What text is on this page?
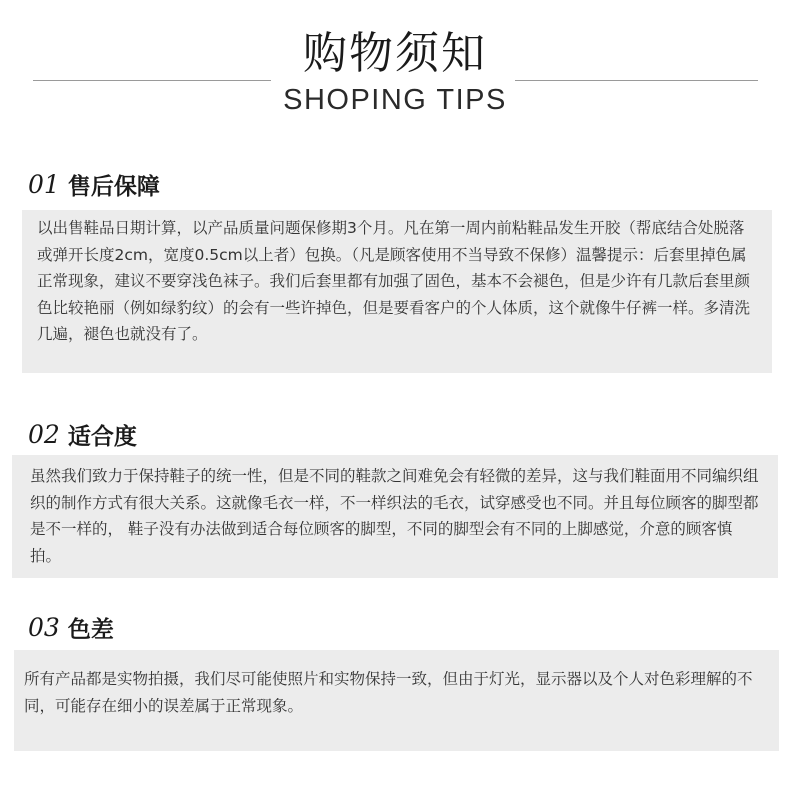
购物须知
SHOPING TIPS
01 售后保障

以出售鞋品日期计算，以产品质量问题保修期3个月。凡在第一周内前粘鞋品发生开胶（帮底结合处脱落或弹开长度2cm，宽度0.5cm以上者）包换。（凡是顾客使用不当导致不保修）温馨提示：后套里掉色属正常现象，建议不要穿浅色袜子。我们后套里都有加强了固色，基本不会褪色，但是少许有几款后套里颜色比较艳丽（例如绿豹纹）的会有一些许掉色，但是要看客户的个人体质，这个就像牛仔裤一样。多清洗几遍，褪色也就没有了。

02 适合度

虽然我们致力于保持鞋子的统一性，但是不同的鞋款之间难免会有轻微的差异，这与我们鞋面用不同编织组织的制作方式有很大关系。这就像毛衣一样，不一样织法的毛衣，试穿感受也不同。并且每位顾客的脚型都是不一样的， 鞋子没有办法做到适合每位顾客的脚型，不同的脚型会有不同的上脚感觉，介意的顾客慎拍。

03 色差

所有产品都是实物拍摄，我们尽可能使照片和实物保持一致，但由于灯光，显示器以及个人对色彩理解的不同，可能存在细小的误差属于正常现象。
